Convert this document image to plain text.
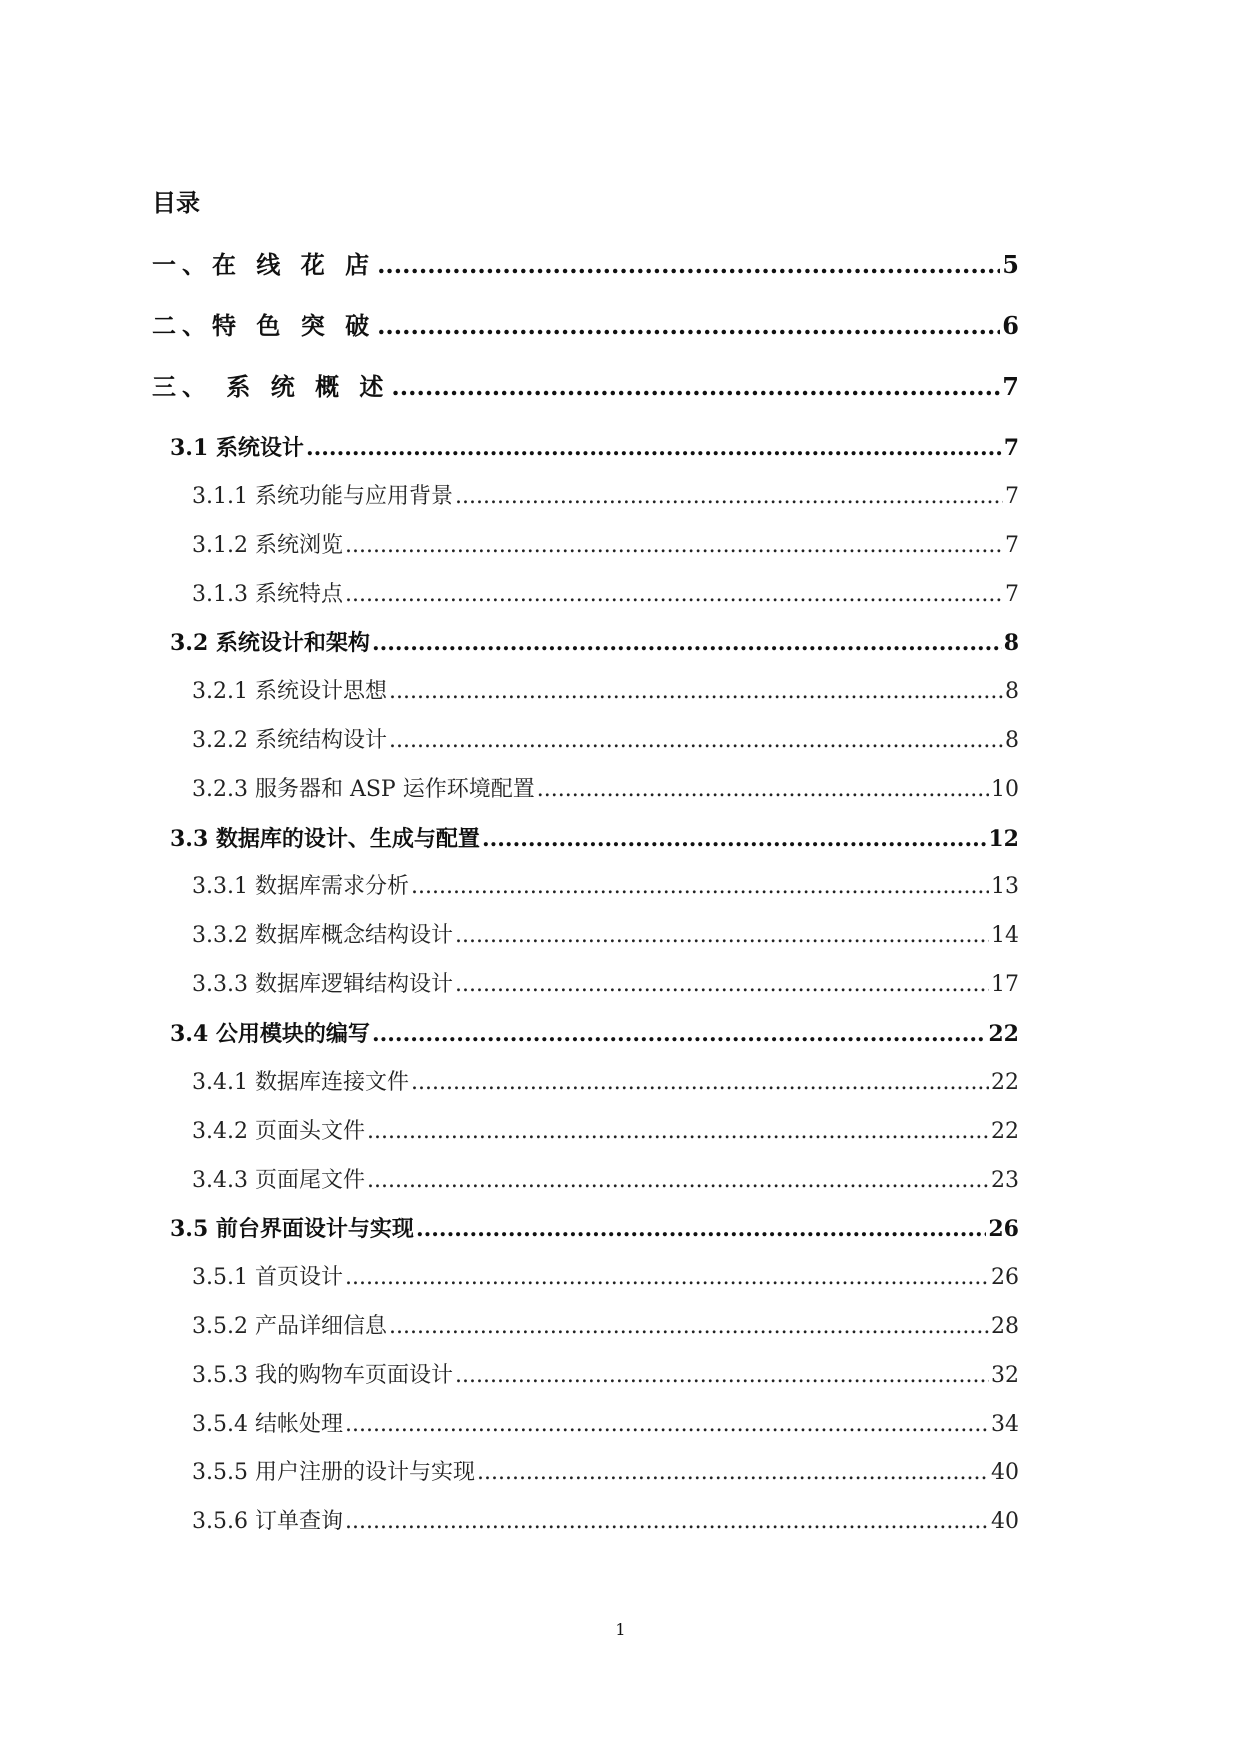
目录
一、在 线 花 店 .....	5
二、特 色 突 破 .....	6
三、 系 统 概 述 .....	7
3.1 系统设计 .....	7
3.1.1 系统功能与应用背景 .....	7
3.1.2 系统浏览 .....	7
3.1.3 系统特点 .....	7
3.2 系统设计和架构 .....	8
3.2.1 系统设计思想 .....	8
3.2.2 系统结构设计 .....	8
3.2.3 服务器和 ASP 运作环境配置 .....	10
3.3 数据库的设计、生成与配置 .....	12
3.3.1 数据库需求分析 .....	13
3.3.2 数据库概念结构设计 .....	14
3.3.3 数据库逻辑结构设计 .....	17
3.4 公用模块的编写 .....	22
3.4.1 数据库连接文件 .....	22
3.4.2 页面头文件 .....	22
3.4.3 页面尾文件 .....	23
3.5 前台界面设计与实现 .....	26
3.5.1 首页设计 .....	26
3.5.2 产品详细信息 .....	28
3.5.3 我的购物车页面设计 .....	32
3.5.4 结帐处理 .....	34
3.5.5 用户注册的设计与实现 .....	40
3.5.6 订单查询 .....	40
1
